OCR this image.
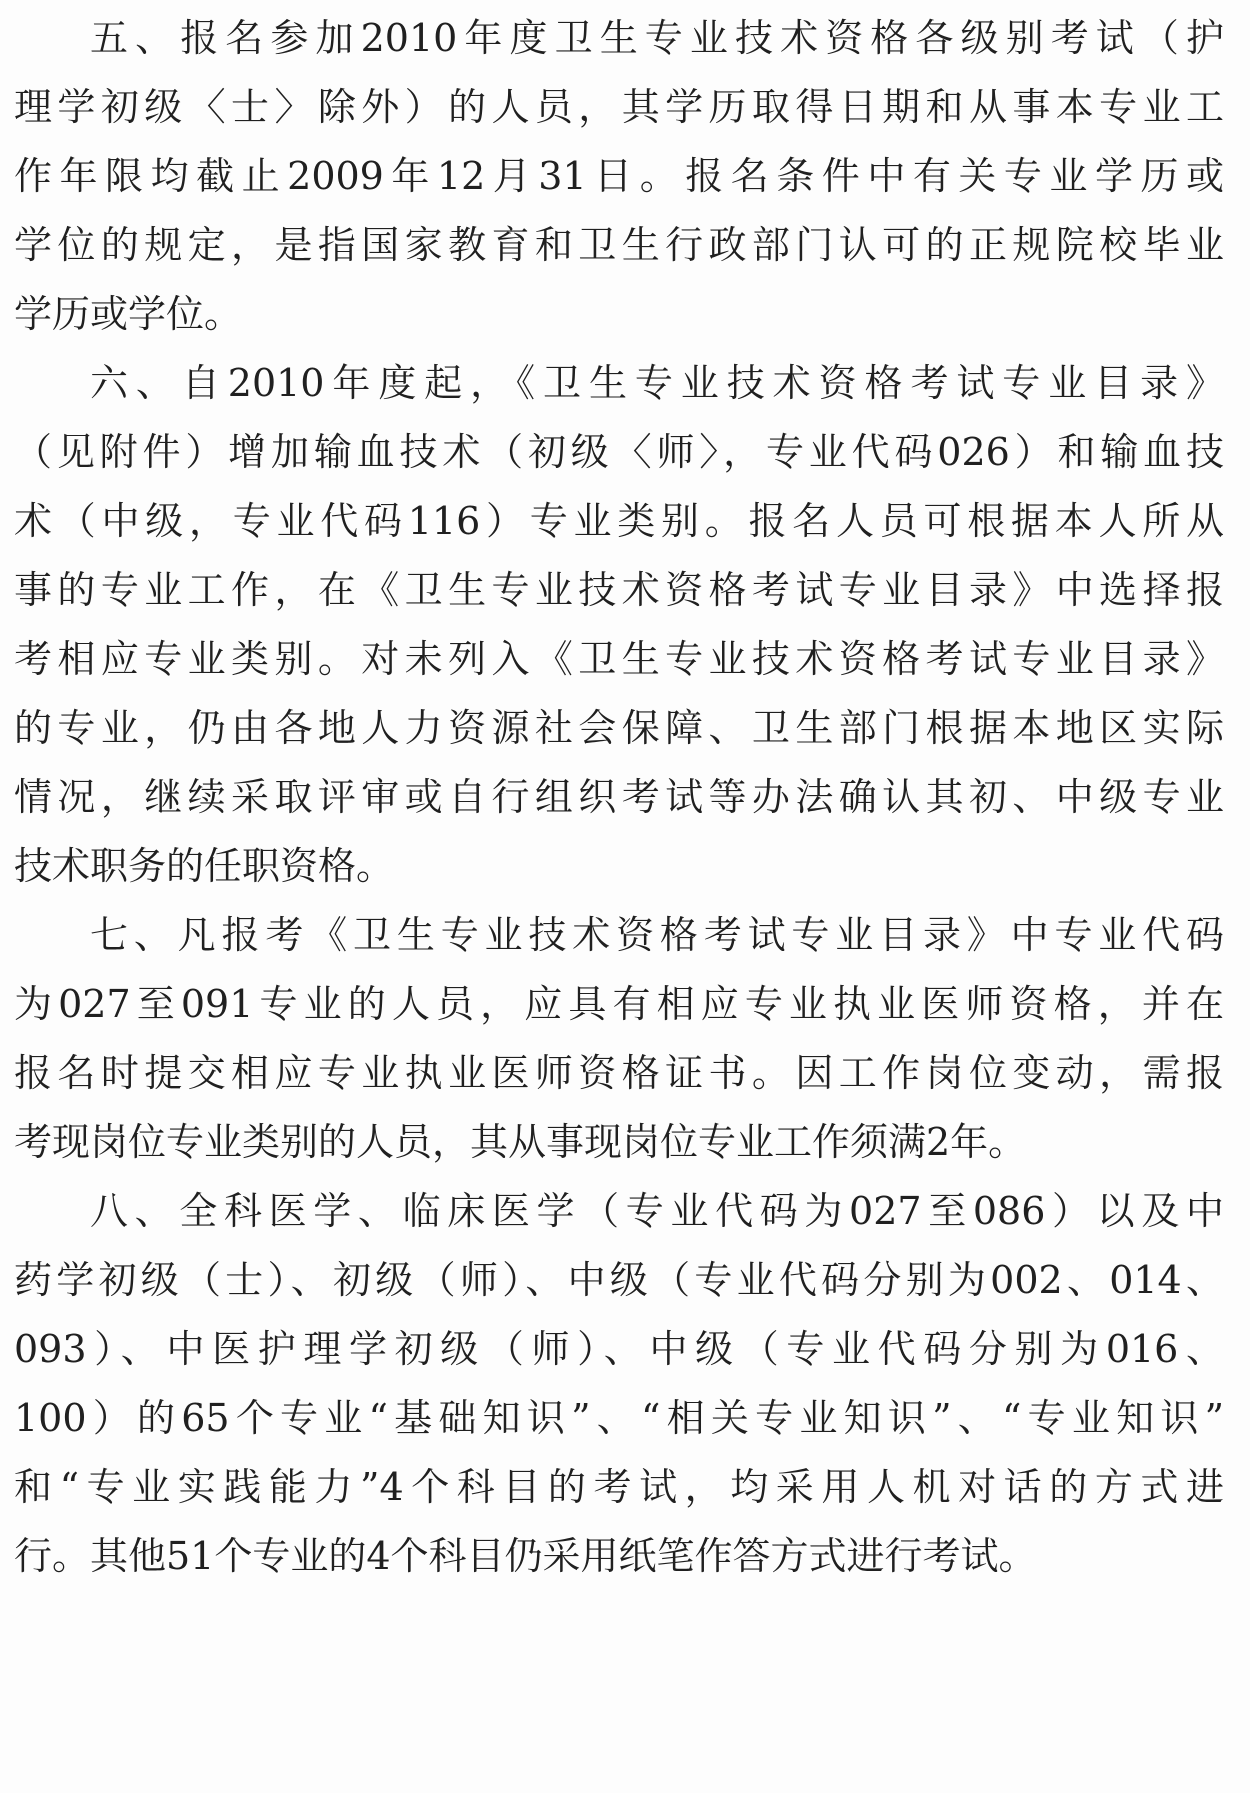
五、报名参加2010年度卫生专业技术资格各级别考试（护
理学初级〈士〉除外）的人员，其学历取得日期和从事本专业工
作年限均截止2009年12月31日。报名条件中有关专业学历或
学位的规定，是指国家教育和卫生行政部门认可的正规院校毕业
学历或学位。
六、自2010年度起，《卫生专业技术资格考试专业目录》
（见附件）增加输血技术（初级〈师〉，专业代码026）和输血技
术（中级，专业代码116）专业类别。报名人员可根据本人所从
事的专业工作，在《卫生专业技术资格考试专业目录》中选择报
考相应专业类别。对未列入《卫生专业技术资格考试专业目录》
的专业，仍由各地人力资源社会保障、卫生部门根据本地区实际
情况，继续采取评审或自行组织考试等办法确认其初、中级专业
技术职务的任职资格。
七、凡报考《卫生专业技术资格考试专业目录》中专业代码
为027至091专业的人员，应具有相应专业执业医师资格，并在
报名时提交相应专业执业医师资格证书。因工作岗位变动，需报
考现岗位专业类别的人员，其从事现岗位专业工作须满2年。
八、全科医学、临床医学（专业代码为027至086）以及中
药学初级（士）、初级（师）、中级（专业代码分别为002、014、
093）、中医护理学初级（师）、中级（专业代码分别为016、
100）的65个专业“基础知识”、“相关专业知识”、“专业知识”
和“专业实践能力”4个科目的考试，均采用人机对话的方式进
行。其他51个专业的4个科目仍采用纸笔作答方式进行考试。
